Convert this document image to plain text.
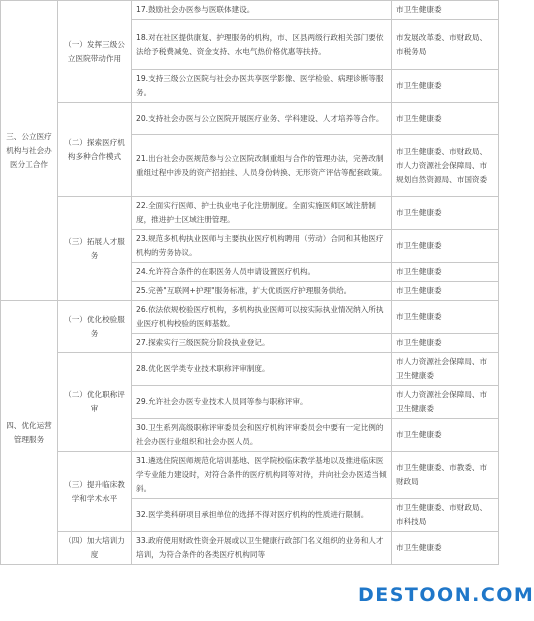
三、公立医疗机构与社会办医分工合作	（一）发挥三级公立医院带动作用	17.鼓励社会办医参与医联体建设。	市卫生健康委
		18.对在社区提供康复、护理服务的机构，市、区县两级行政相关部门要依法给予税费减免、资金支持、水电气热价格优惠等扶持。	市发展改革委、市财政局、市税务局
		19.支持三级公立医院与社会办医共享医学影像、医学检验、病理诊断等服务。	市卫生健康委
	（二）探索医疗机构多种合作模式	20.支持社会办医与公立医院开展医疗业务、学科建设、人才培养等合作。	市卫生健康委
		21.出台社会办医规范参与公立医院改制重组与合作的管理办法，完善改制重组过程中涉及的资产招拍挂、人员身份转换、无形资产评估等配套政策。	市卫生健康委、市财政局、市人力资源社会保障局、市规划自然资源局、市国资委
	（三）拓展人才服务	22.全面实行医师、护士执业电子化注册制度。全面实施医师区域注册制度，推进护士区域注册管理。	市卫生健康委
		23.规范多机构执业医师与主要执业医疗机构聘用（劳动）合同和其他医疗机构的劳务协议。	市卫生健康委
		24.允许符合条件的在职医务人员申请设置医疗机构。	市卫生健康委
		25.完善"互联网+护理"服务标准，扩大优质医疗护理服务供给。	市卫生健康委
四、优化运营管理服务	（一）优化校验服务	26.依法依规校验医疗机构，多机构执业医师可以按实际执业情况纳入所执业医疗机构校验的医师基数。	市卫生健康委
		27.探索实行三级医院分阶段执业登记。	市卫生健康委
	（二）优化职称评审	28.优化医学类专业技术职称评审制度。	市人力资源社会保障局、市卫生健康委
		29.允许社会办医专业技术人员同等参与职称评审。	市人力资源社会保障局、市卫生健康委
		30.卫生系列高级职称评审委员会和医疗机构评审委员会中要有一定比例的社会办医行业组织和社会办医人员。	市卫生健康委
	（三）提升临床教学和学术水平	31.遴选住院医师规范化培训基地、医学院校临床教学基地以及推进临床医学专业能力建设时，对符合条件的医疗机构同等对待，并向社会办医适当倾斜。	市卫生健康委、市教委、市财政局
		32.医学类科研项目承担单位的选择不得对医疗机构的性质进行限制。	市卫生健康委、市财政局、市科技局
	（四）加大培训力度	33.政府使用财政性资金开展或以卫生健康行政部门名义组织的业务和人才培训，为符合条件的各类医疗机构同等	市卫生健康委
DESTOON.COM
